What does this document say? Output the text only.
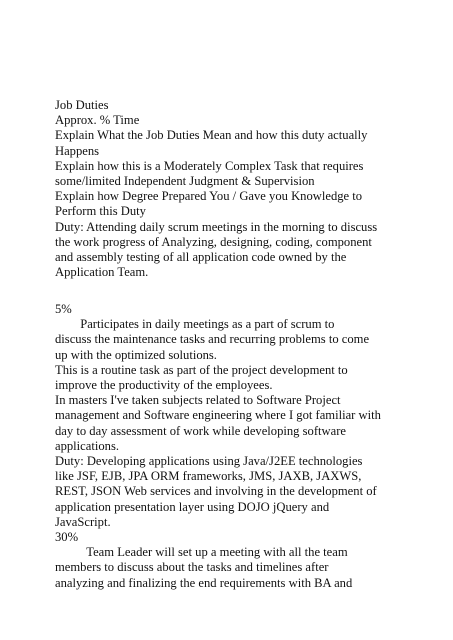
Job Duties

Approx. % Time

Explain What the Job Duties Mean and how this duty actually

Happens

Explain how this is a Moderately Complex Task that requires

some/limited Independent Judgment & Supervision

Explain how Degree Prepared You / Gave you Knowledge to

Perform this Duty

Duty: Attending daily scrum meetings in the morning to discuss

the work progress of Analyzing, designing, coding, component

and assembly testing of all application code owned by the

Application Team.

5%

Participates in daily meetings as a part of scrum to

discuss the maintenance tasks and recurring problems to come

up with the optimized solutions.

This is a routine task as part of the project development to

improve the productivity of the employees.

In masters I've taken subjects related to Software Project

management and Software engineering where I got familiar with

day to day assessment of work while developing software

applications.

Duty: Developing applications using Java/J2EE technologies

like JSF, EJB, JPA ORM frameworks, JMS, JAXB, JAXWS,

REST, JSON Web services and involving in the development of

application presentation layer using DOJO jQuery and

JavaScript.

30%

Team Leader will set up a meeting with all the team

members to discuss about the tasks and timelines after

analyzing and finalizing the end requirements with BA and
